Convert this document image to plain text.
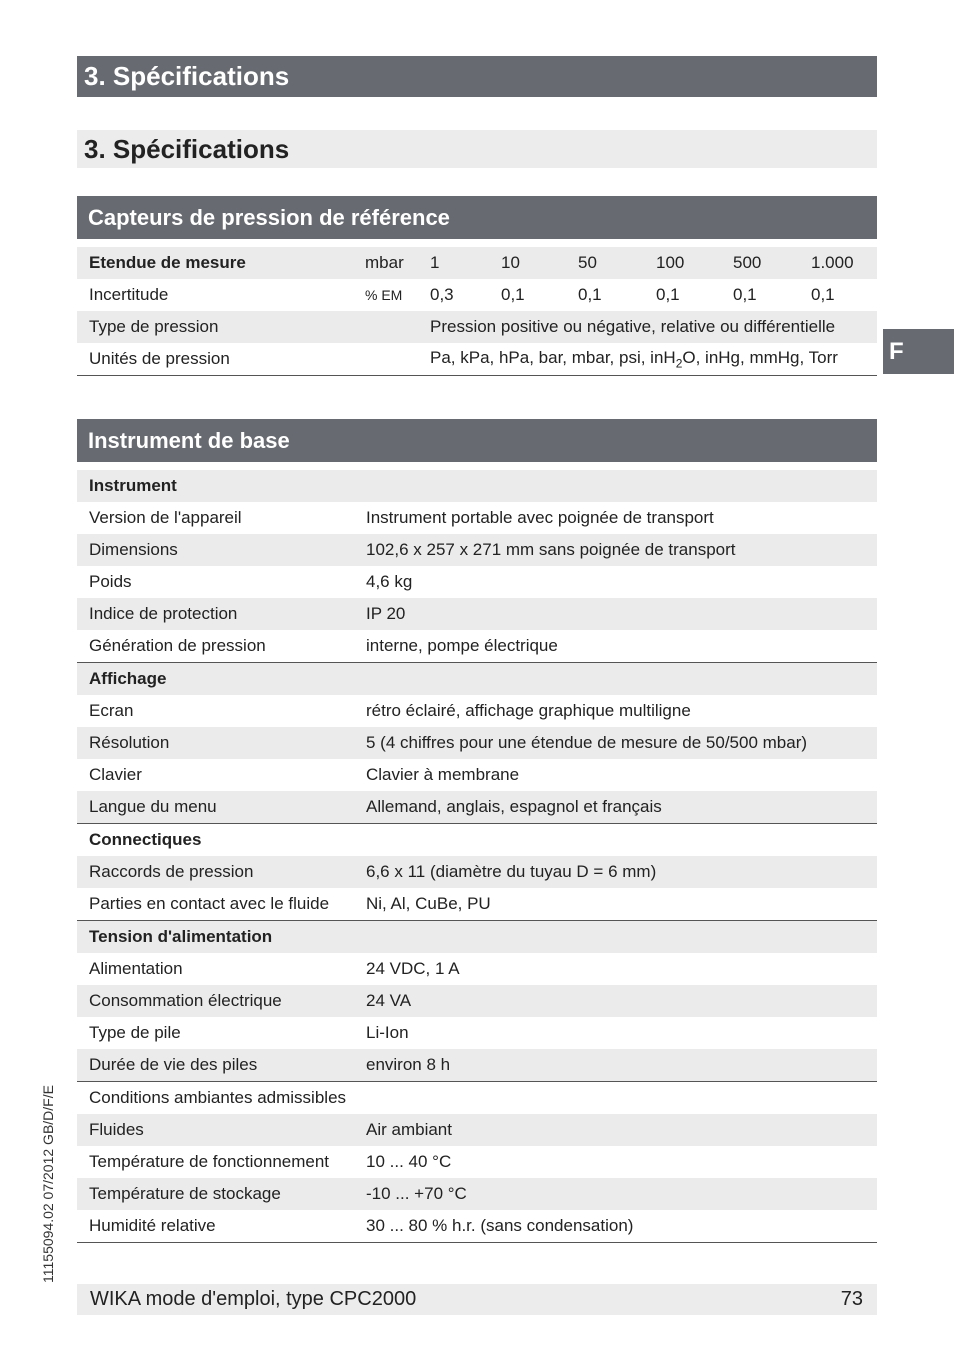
3. Spécifications
3. Spécifications
Capteurs de pression de référence
Etendue de mesure	mbar	1	10	50	100	500	1.000
Incertitude	% EM	0,3	0,1	0,1	0,1	0,1	0,1
Type de pression		Pression positive ou négative, relative ou différentielle					
Unités de pression		Pa, kPa, hPa, bar, mbar, psi, inH$_2$O, inHg, mmHg, Torr					F
Instrument de base
Instrument	
Version de l'appareil	Instrument portable avec poignée de transport
Dimensions	102,6 x 257 x 271 mm sans poignée de transport
Poids	4,6 kg
Indice de protection	IP 20
Génération de pression	interne, pompe électrique
Affichage	
Ecran	rétro éclairé, affichage graphique multiligne
Résolution	5 (4 chiffres pour une étendue de mesure de 50/500 mbar)
Clavier	Clavier à membrane
Langue du menu	Allemand, anglais, espagnol et français
Connectiques	
Raccords de pression	6,6 x 11 (diamètre du tuyau D = 6 mm)
Parties en contact avec le fluide	Ni, Al, CuBe, PU
Tension d'alimentation	
Alimentation	24 VDC, 1 A
Consommation électrique	24 VA
Type de pile	Li-Ion
Durée de vie des piles	environ 8 h
Conditions ambiantes admissibles	
Fluides	Air ambiant
Température de fonctionnement	10 ... 40 °C
Température de stockage	-10 ... +70 °C
Humidité relative	30 ... 80 % h.r. (sans condensation)
11155094.02 07/2012 GB/D/F/E
WIKA mode d'emploi, type CPC2000	73
